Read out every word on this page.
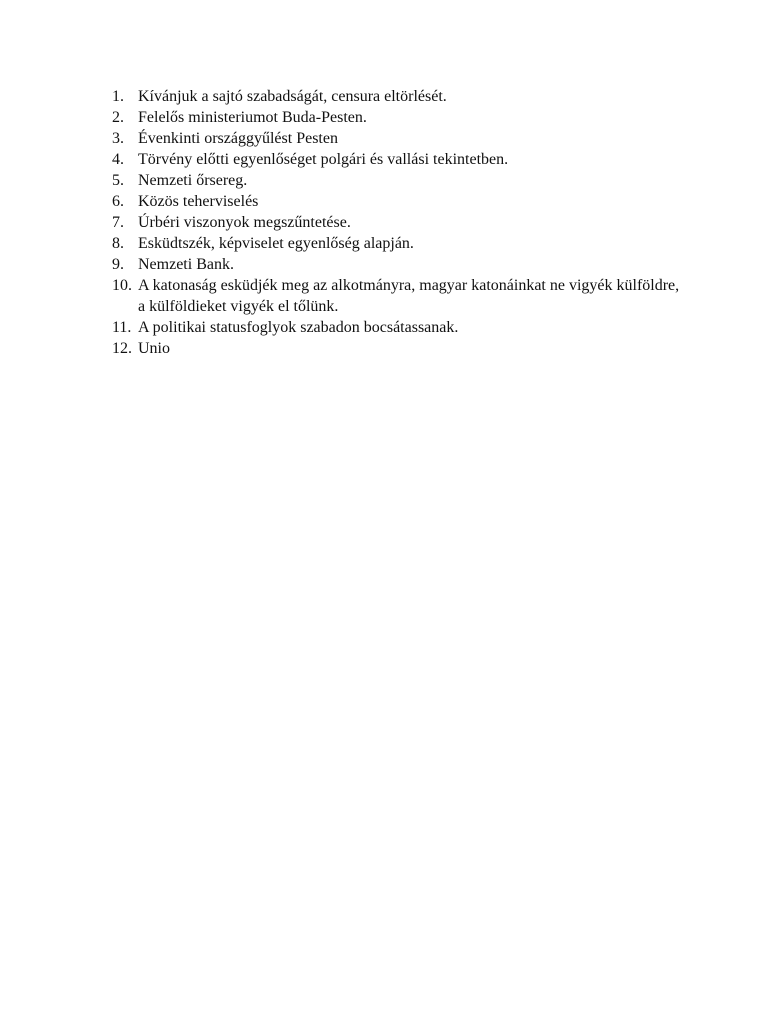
1. Kívánjuk a sajtó szabadságát, censura eltörlését.
2. Felelős ministeriumot Buda-Pesten.
3. Évenkinti országgyűlést Pesten
4. Törvény előtti egyenlőséget polgári és vallási tekintetben.
5. Nemzeti őrsereg.
6. Közös teherviselés
7. Úrbéri viszonyok megszűntetése.
8. Esküdtszék, képviselet egyenlőség alapján.
9. Nemzeti Bank.
10. A katonaság esküdjék meg az alkotmányra, magyar katonáinkat ne vigyék külföldre, a külföldieket vigyék el tőlünk.
11. A politikai statusfoglyok szabadon bocsátassanak.
12. Unio
